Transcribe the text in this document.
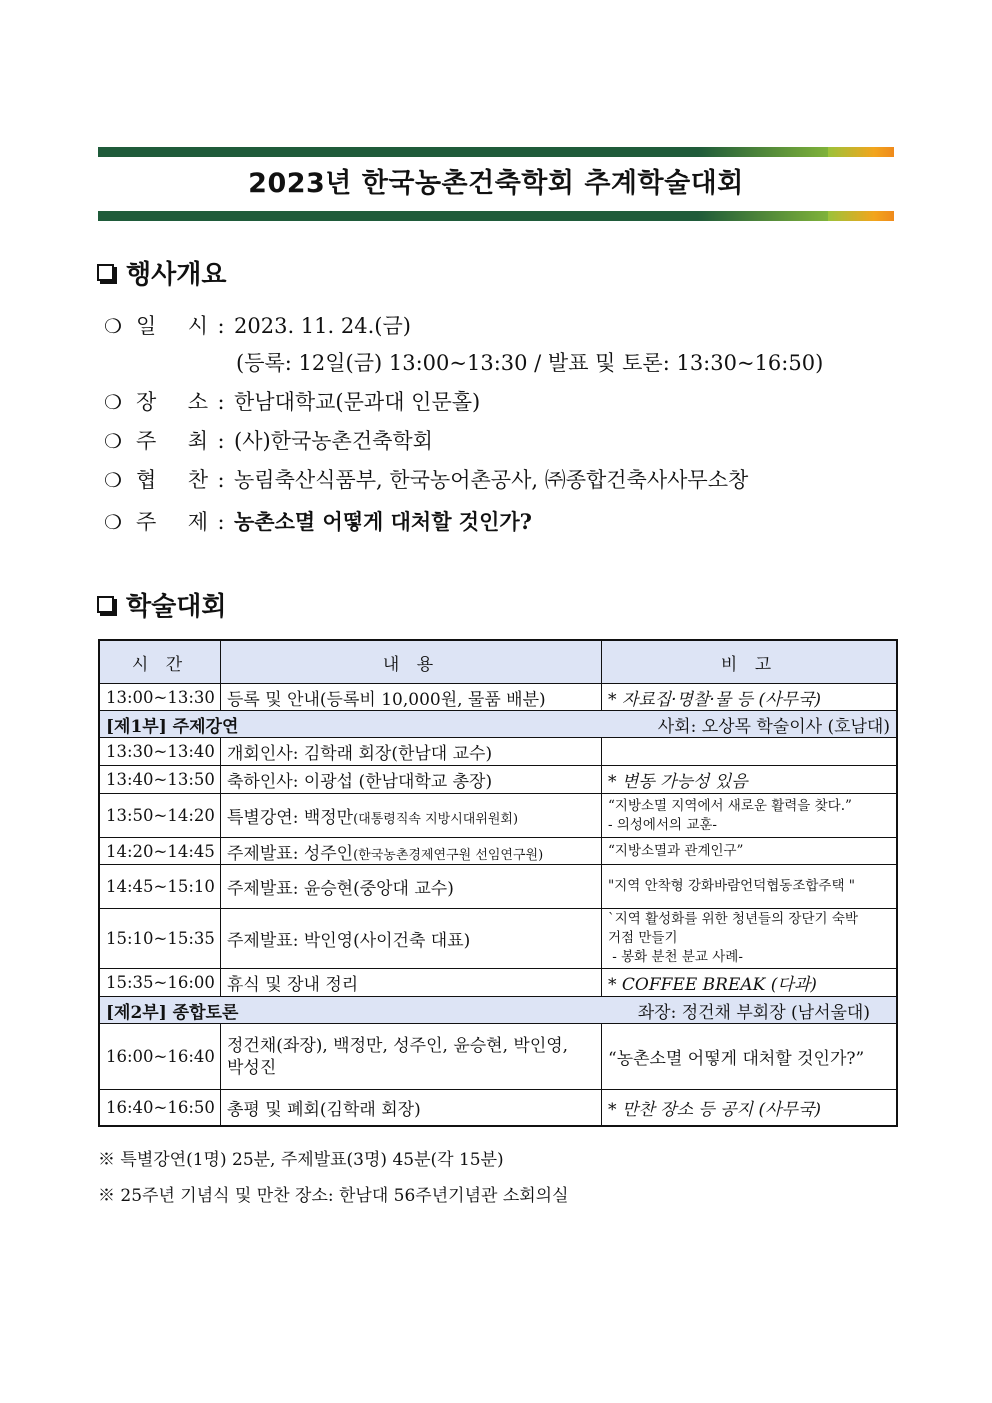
2023년 한국농촌건축학회 추계학술대회
행사개요
❍ 일 시 : 2023. 11. 24.(금)
(등록: 12일(금) 13:00~13:30 / 발표 및 토론: 13:30~16:50)
❍ 장 소 : 한남대학교(문과대 인문홀)
❍ 주 최 : (사)한국농촌건축학회
❍ 협 찬 : 농림축산식품부, 한국농어촌공사, ㈜종합건축사사무소창
❍ 주 제 : 농촌소멸 어떻게 대처할 것인가?
학술대회
시 간	내 용	비 고
13:00~13:30	등록 및 안내(등록비 10,000원, 물품 배분)	* 자료집·명찰·물 등 (사무국)
[제1부] 주제강연 사회: 오상목 학술이사 (호남대)		

13:30~13:40	개회인사: 김학래 회장(한남대 교수)	
13:40~13:50	축하인사: 이광섭 (한남대학교 총장)	* 변동 가능성 있음
13:50~14:20	특별강연: 백정만(대통령직속 지방시대위원회)	“지방소멸 지역에서 새로운 활력을 찾다.”
- 의성에서의 교훈-

14:20~14:45	주제발표: 성주인(한국농촌경제연구원 선임연구원)	“지방소멸과 관계인구”
14:45~15:10	주제발표: 윤승현(중앙대 교수)	"지역 안착형 강화바람언덕협동조합주택 "
15:10~15:35	주제발표: 박인영(사이건축 대표)	`지역 활성화를 위한 청년들의 장단기 숙박
거점 만들기
- 봉화 분천 분교 사례-

15:35~16:00	휴식 및 장내 정리	* COFFEE BREAK (다과)
[제2부] 종합토론 좌장: 정건채 부회장 (남서울대)		

16:00~16:40	정건채(좌장), 백정만, 성주인, 윤승현, 박인영,
박성진	“농촌소멸 어떻게 대처할 것인가?”
16:40~16:50	총평 및 폐회(김학래 회장)	* 만찬 장소 등 공지 (사무국)
※ 특별강연(1명) 25분, 주제발표(3명) 45분(각 15분)
※ 25주년 기념식 및 만찬 장소: 한남대 56주년기념관 소회의실
